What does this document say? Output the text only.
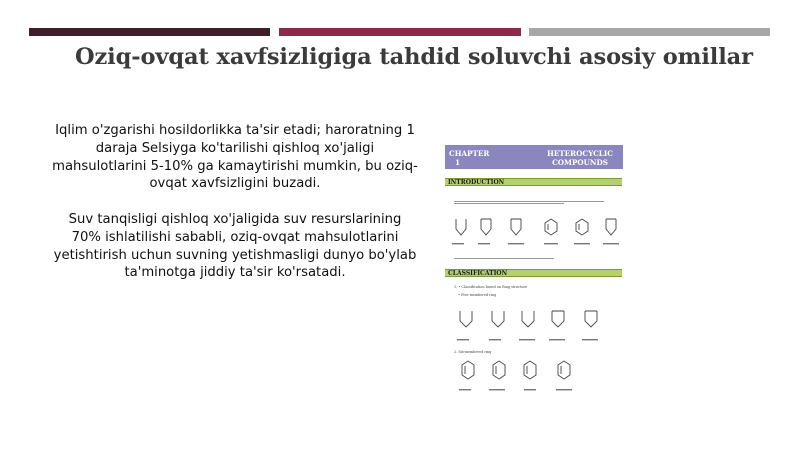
Oziq-ovqat xavfsizligiga tahdid soluvchi asosiy omillar

Iqlim o'zgarishi hosildorlikka ta'sir etadi; haroratning 1 daraja Selsiyga ko'tarilishi qishloq xo'jaligi mahsulotlarini 5-10% ga kamaytirishi mumkin, bu oziq-ovqat xavfsizligini buzadi.

Suv tanqisligi qishloq xo'jaligida suv resurslarining 70% ishlatilishi sababli, oziq-ovqat mahsulotlarini yetishtirish uchun suvning yetishmasligi dunyo bo'ylab ta'minotga jiddiy ta'sir ko'rsatadi.

CHAPTER
1
HETEROCYCLIC
COMPOUNDS
INTRODUCTION
CLASSIFICATION
1. • Classification based on Ring structure
• Five-membered ring
2. Six-membered ring
